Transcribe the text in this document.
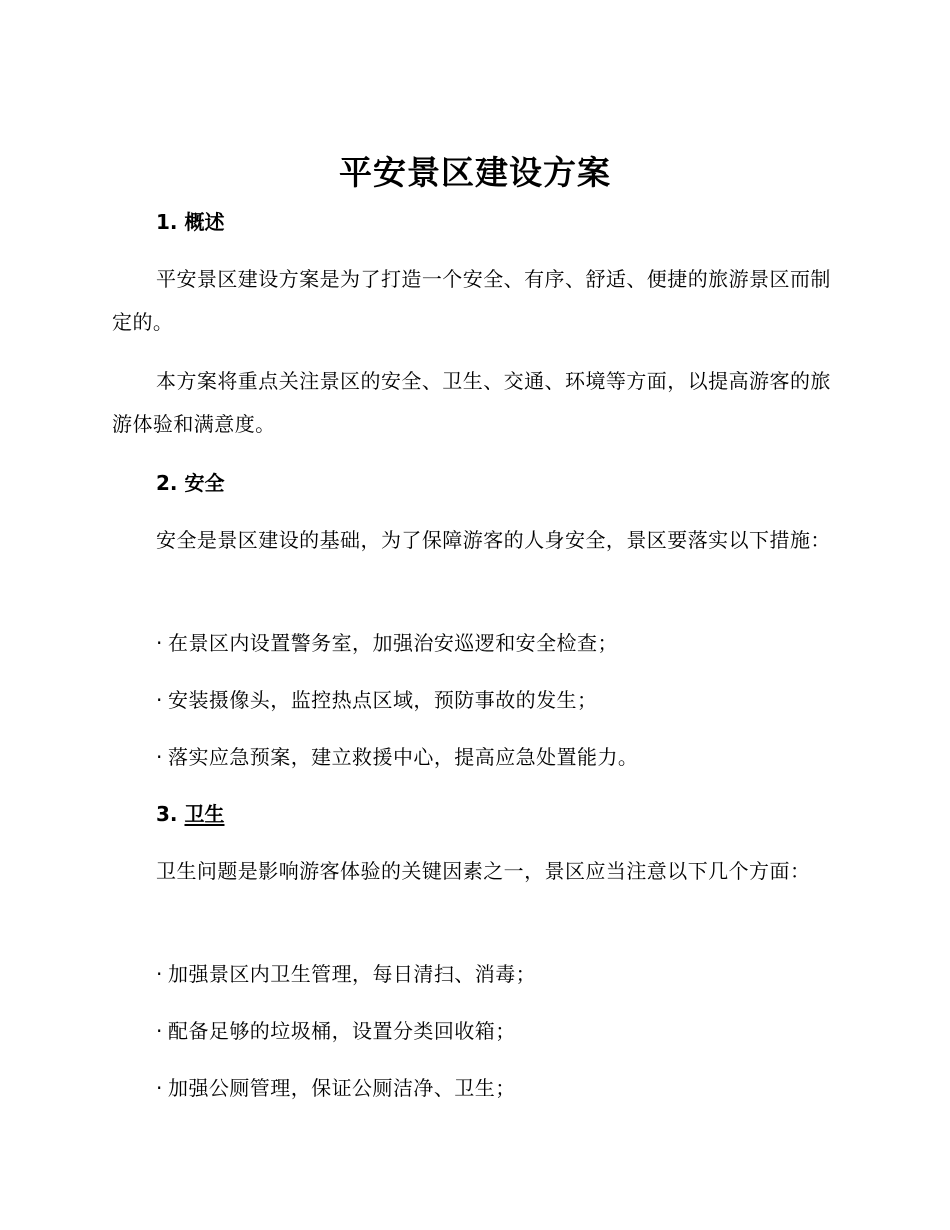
平安景区建设方案
1. 概述
平安景区建设方案是为了打造一个安全、有序、舒适、便捷的旅游景区而制定的。
本方案将重点关注景区的安全、卫生、交通、环境等方面，以提高游客的旅游体验和满意度。
2. 安全
安全是景区建设的基础，为了保障游客的人身安全，景区要落实以下措施：
· 在景区内设置警务室，加强治安巡逻和安全检查；
· 安装摄像头，监控热点区域，预防事故的发生；
· 落实应急预案，建立救援中心，提高应急处置能力。
3. 卫生
卫生问题是影响游客体验的关键因素之一，景区应当注意以下几个方面：
· 加强景区内卫生管理，每日清扫、消毒；
· 配备足够的垃圾桶，设置分类回收箱；
· 加强公厕管理，保证公厕洁净、卫生；
